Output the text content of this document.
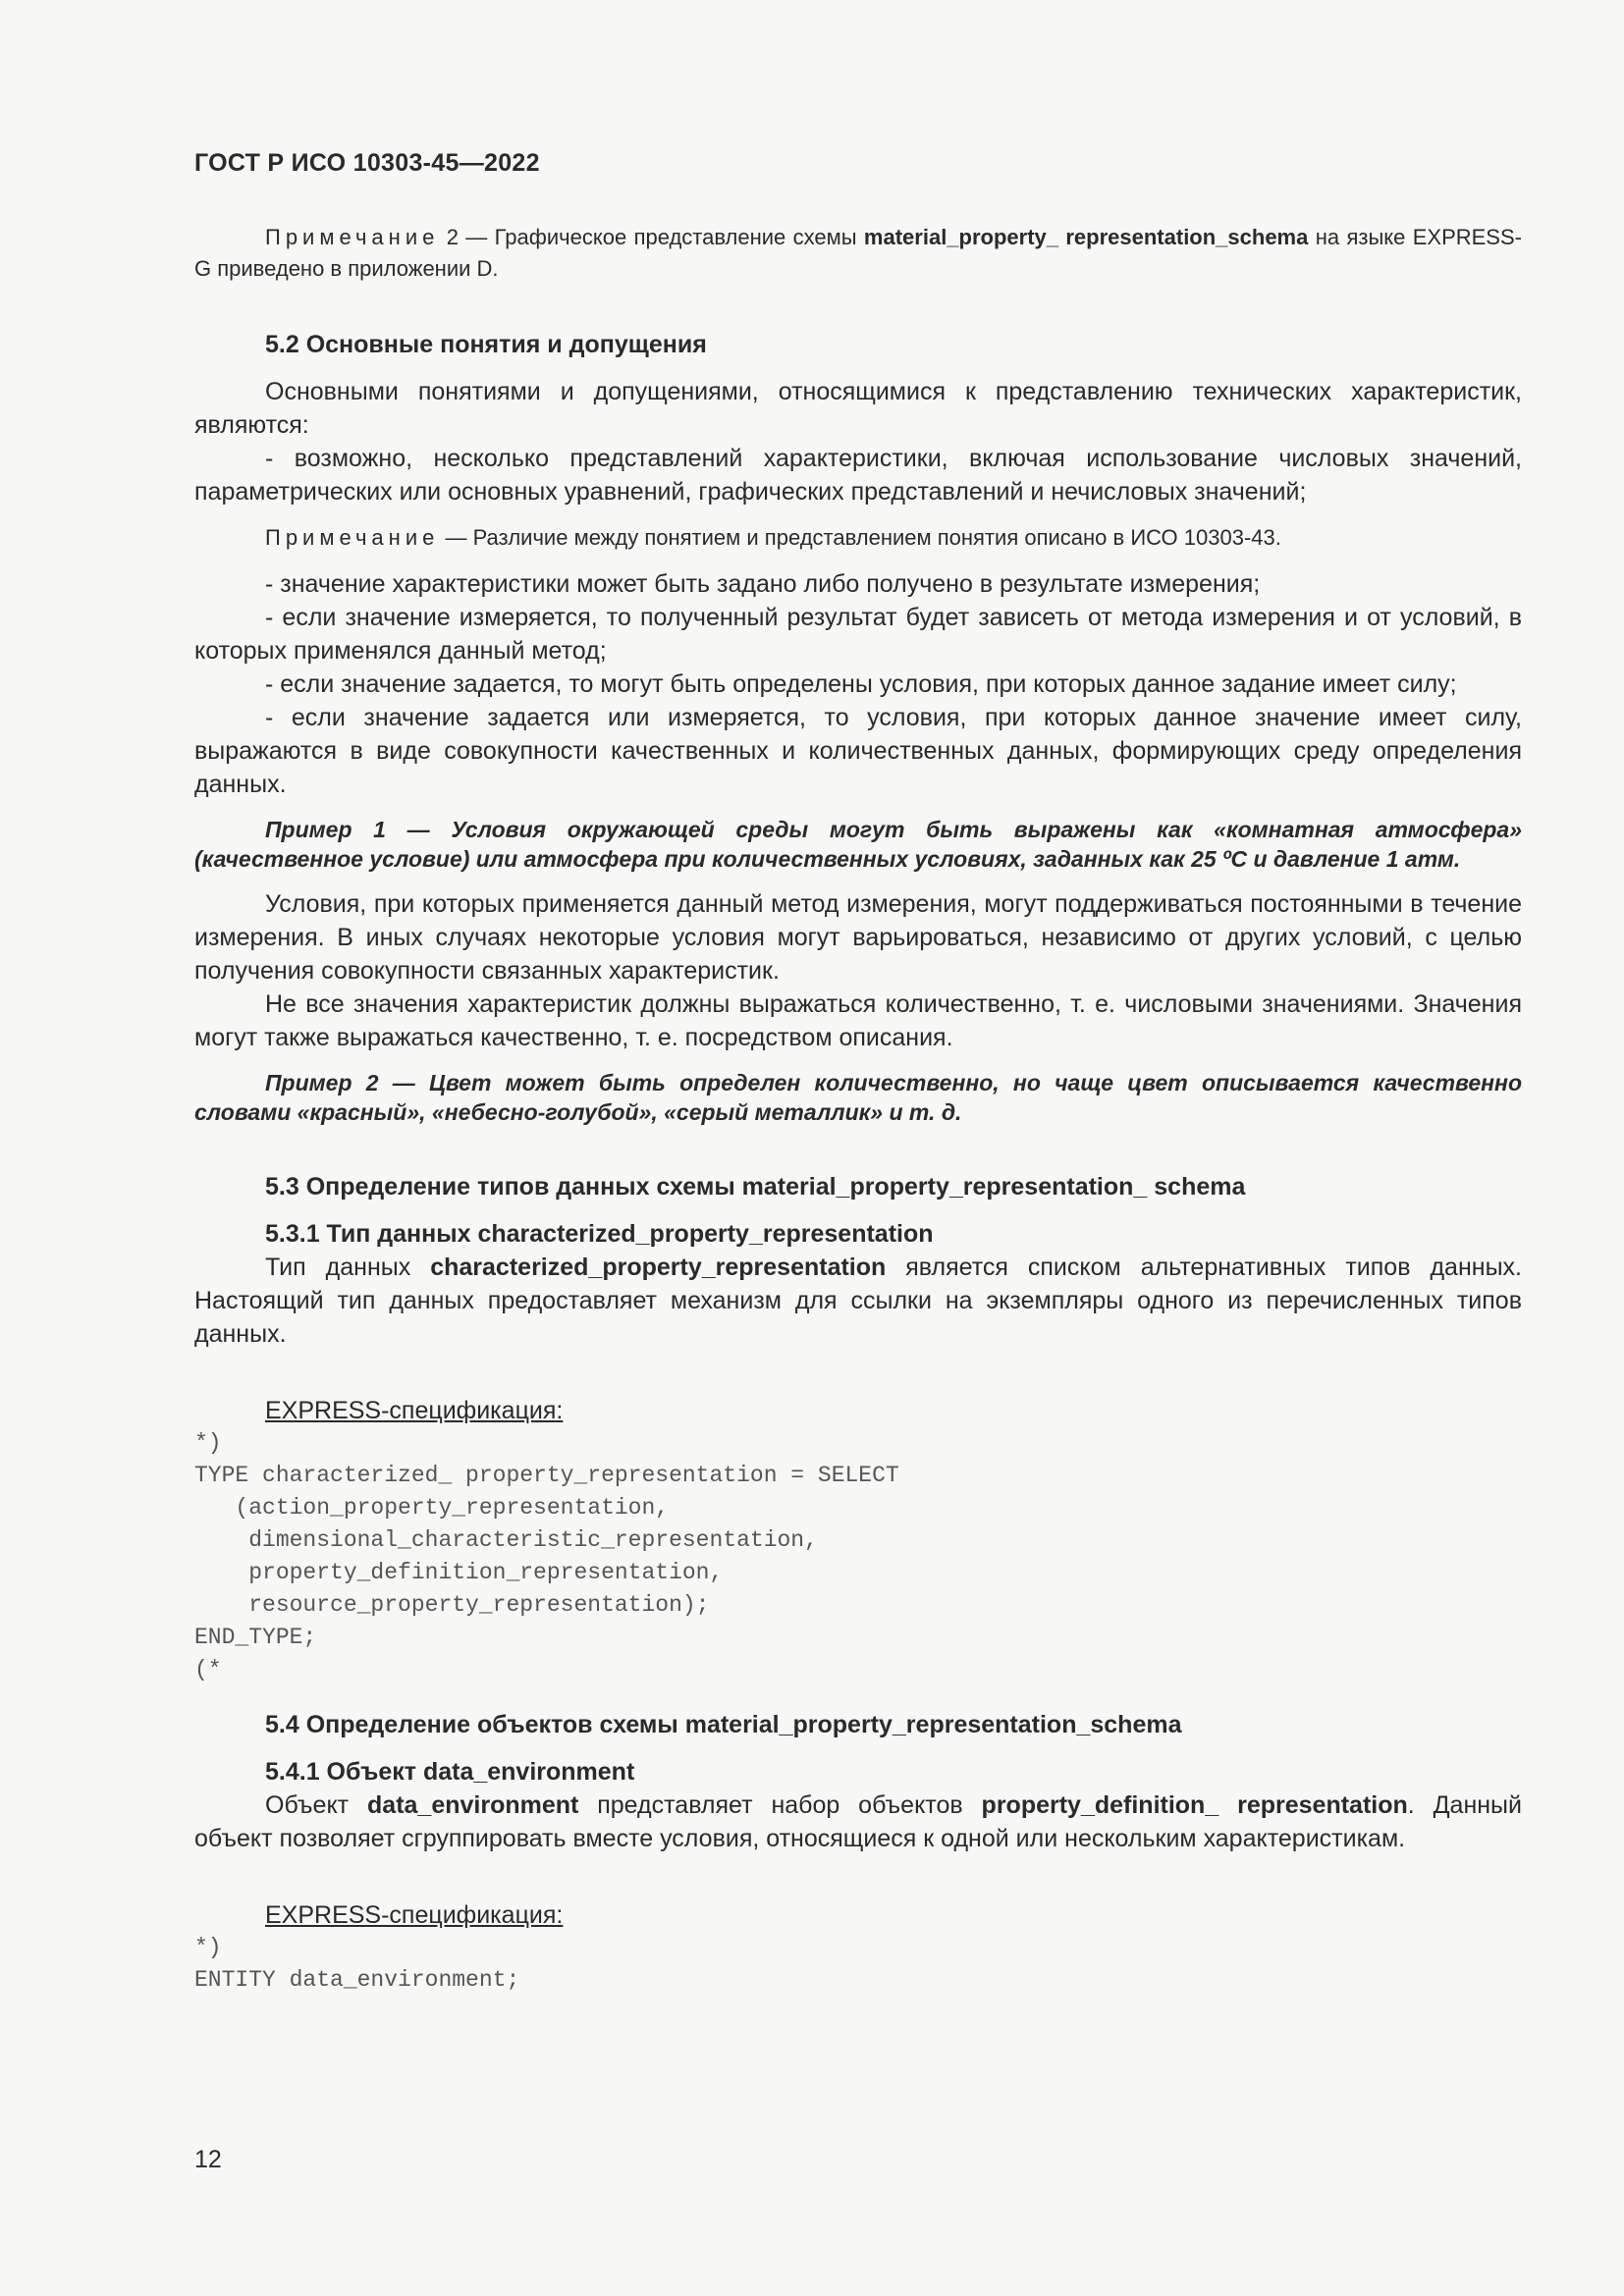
ГОСТ Р ИСО 10303-45—2022

Примечание 2 — Графическое представление схемы material_property_ representation_schema на языке EXPRESS-G приведено в приложении D.

5.2 Основные понятия и допущения

Основными понятиями и допущениями, относящимися к представлению технических характеристик, являются:

- возможно, несколько представлений характеристики, включая использование числовых значений, параметрических или основных уравнений, графических представлений и нечисловых значений;

Примечание — Различие между понятием и представлением понятия описано в ИСО 10303-43.

- значение характеристики может быть задано либо получено в результате измерения;

- если значение измеряется, то полученный результат будет зависеть от метода измерения и от условий, в которых применялся данный метод;

- если значение задается, то могут быть определены условия, при которых данное задание имеет силу;

- если значение задается или измеряется, то условия, при которых данное значение имеет силу, выражаются в виде совокупности качественных и количественных данных, формирующих среду определения данных.

Пример 1 — Условия окружающей среды могут быть выражены как «комнатная атмосфера» (качественное условие) или атмосфера при количественных условиях, заданных как 25 ºС и давление 1 атм.

Условия, при которых применяется данный метод измерения, могут поддерживаться постоянными в течение измерения. В иных случаях некоторые условия могут варьироваться, независимо от других условий, с целью получения совокупности связанных характеристик.

Не все значения характеристик должны выражаться количественно, т. е. числовыми значениями. Значения могут также выражаться качественно, т. е. посредством описания.

Пример 2 — Цвет может быть определен количественно, но чаще цвет описывается качественно словами «красный», «небесно-голубой», «серый металлик» и т. д.

5.3 Определение типов данных схемы material_property_representation_ schema
5.3.1 Тип данных characterized_property_representation

Тип данных characterized_property_representation является списком альтернативных типов данных. Настоящий тип данных предоставляет механизм для ссылки на экземпляры одного из перечисленных типов данных.

EXPRESS-спецификация:

*)
TYPE characterized_ property_representation = SELECT
(action_property_representation,
dimensional_characteristic_representation,
property_definition_representation,
resource_property_representation);
END_TYPE;
(*
5.4 Определение объектов схемы material_property_representation_schema
5.4.1 Объект data_environment

Объект data_environment представляет набор объектов property_definition_ representation. Данный объект позволяет сгруппировать вместе условия, относящиеся к одной или нескольким характеристикам.

EXPRESS-спецификация:

*)
ENTITY data_environment;
12
